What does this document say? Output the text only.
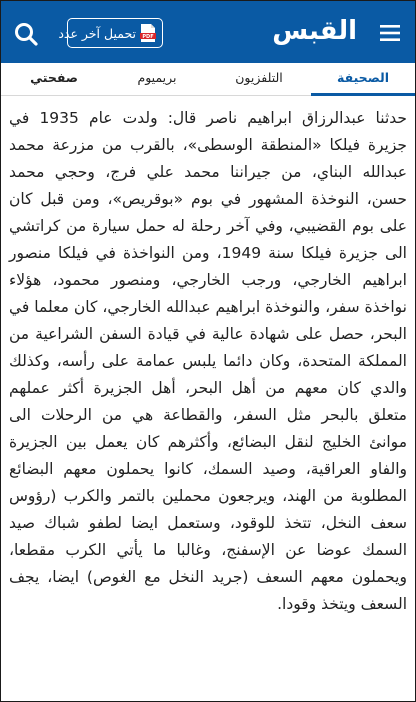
تحميل آخر عدد PDF	القبس
الصحيفة
التلفزيون
بريميوم
صفحتي

حدثنا عبدالرزاق ابراهيم ناصر قال: ولدت عام 1935 في جزيرة فيلكا «المنطقة الوسطى»، بالقرب من مزرعة محمد عبدالله البناي، من جيراننا محمد علي فرج، وحجي محمد حسن، النوخذة المشهور في بوم «بوقريص»، ومن قبل كان على بوم القضيبي، وفي آخر رحلة له حمل سيارة من كراتشي الى جزيرة فيلكا سنة 1949، ومن النواخذة في فيلكا منصور ابراهيم الخارجي، ورجب الخارجي، ومنصور محمود، هؤلاء نواخذة سفر، والنوخذة ابراهيم عبدالله الخارجي، كان معلما في البحر، حصل على شهادة عالية في قيادة السفن الشراعية من المملكة المتحدة، وكان دائما يلبس عمامة على رأسه، وكذلك والدي كان معهم من أهل البحر، أهل الجزيرة أكثر عملهم متعلق بالبحر مثل السفر، والقطاعة هي من الرحلات الى موانئ الخليج لنقل البضائع، وأكثرهم كان يعمل بين الجزيرة والفاو العراقية، وصيد السمك، كانوا يحملون معهم البضائع المطلوبة من الهند، ويرجعون محملين بالتمر والكرب (رؤوس سعف النخل، تتخذ للوقود، وستعمل ايضا لطفو شباك صيد السمك عوضا عن الإسفنج، وغالبا ما يأتي الكرب مقطعا، ويحملون معهم السعف (جريد النخل مع الغوص) ايضا، يجف السعف ويتخذ وقودا.
